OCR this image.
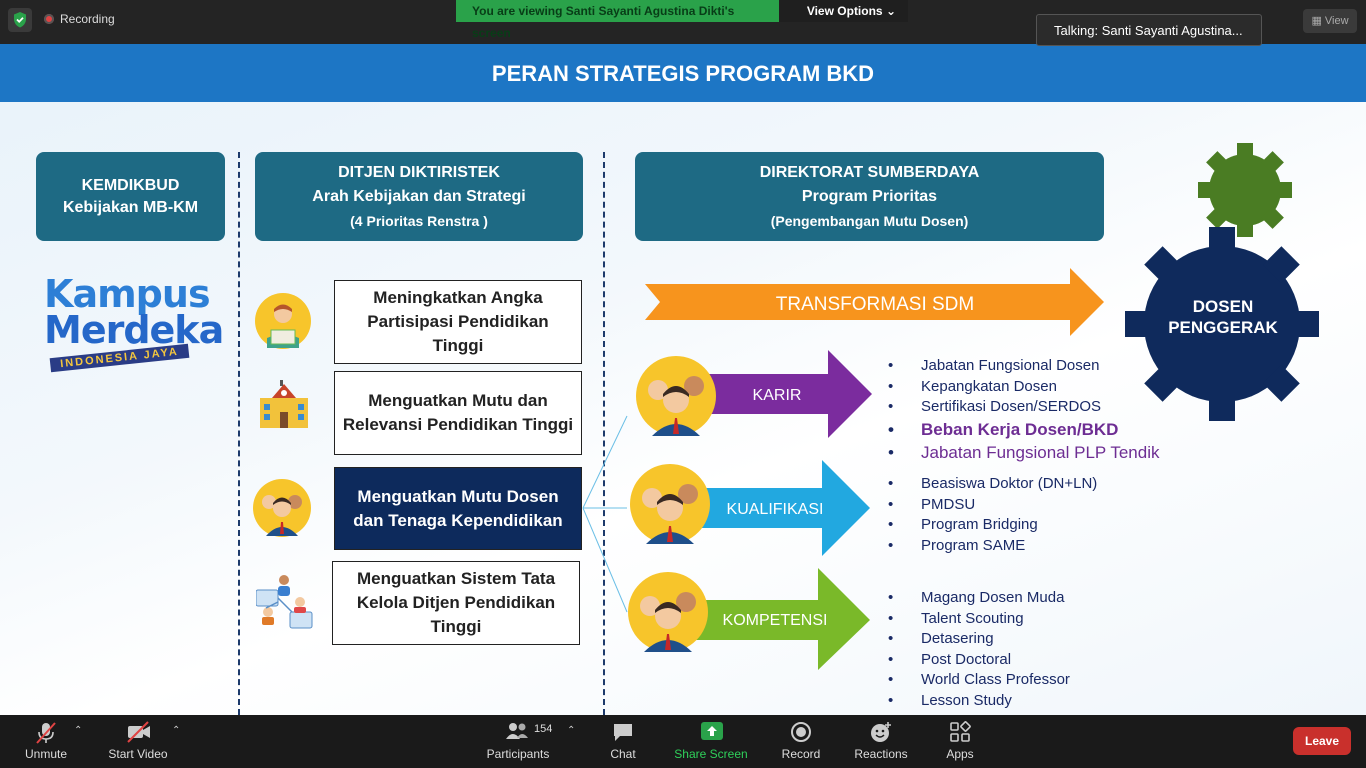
Recording
You are viewing Santi Sayanti Agustina Dikti's screen
View Options ⌄
▦ View
Talking: Santi Sayanti Agustina...
PERAN STRATEGIS PROGRAM BKD
KEMDIKBUD
Kebijakan MB-KM
DITJEN DIKTIRISTEK
Arah Kebijakan dan Strategi
(4 Prioritas Renstra )
DIREKTORAT SUMBERDAYA
Program Prioritas
(Pengembangan Mutu Dosen)
Kampus
Merdeka
INDONESIA JAYA
Meningkatkan Angka Partisipasi Pendidikan Tinggi
Menguatkan Mutu dan Relevansi Pendidikan Tinggi
Menguatkan Mutu Dosen dan Tenaga Kependidikan
Menguatkan Sistem Tata Kelola Ditjen Pendidikan Tinggi
TRANSFORMASI SDM
KARIR
KUALIFIKASI
KOMPETENSI
DOSEN
PENGGERAK
• Jabatan Fungsional Dosen
• Kepangkatan Dosen
• Sertifikasi Dosen/SERDOS
• Beban Kerja Dosen/BKD
• Jabatan Fungsional PLP Tendik
• Beasiswa Doktor (DN+LN)
• PMDSU
• Program Bridging
• Program SAME
• Magang Dosen Muda
• Talent Scouting
• Detasering
• Post Doctoral
• World Class Professor
• Lesson Study
Unmute
⌃
Start Video
⌃	154
Participants
⌃
Chat	Share Screen	Record	Reactions	Apps
Leave
